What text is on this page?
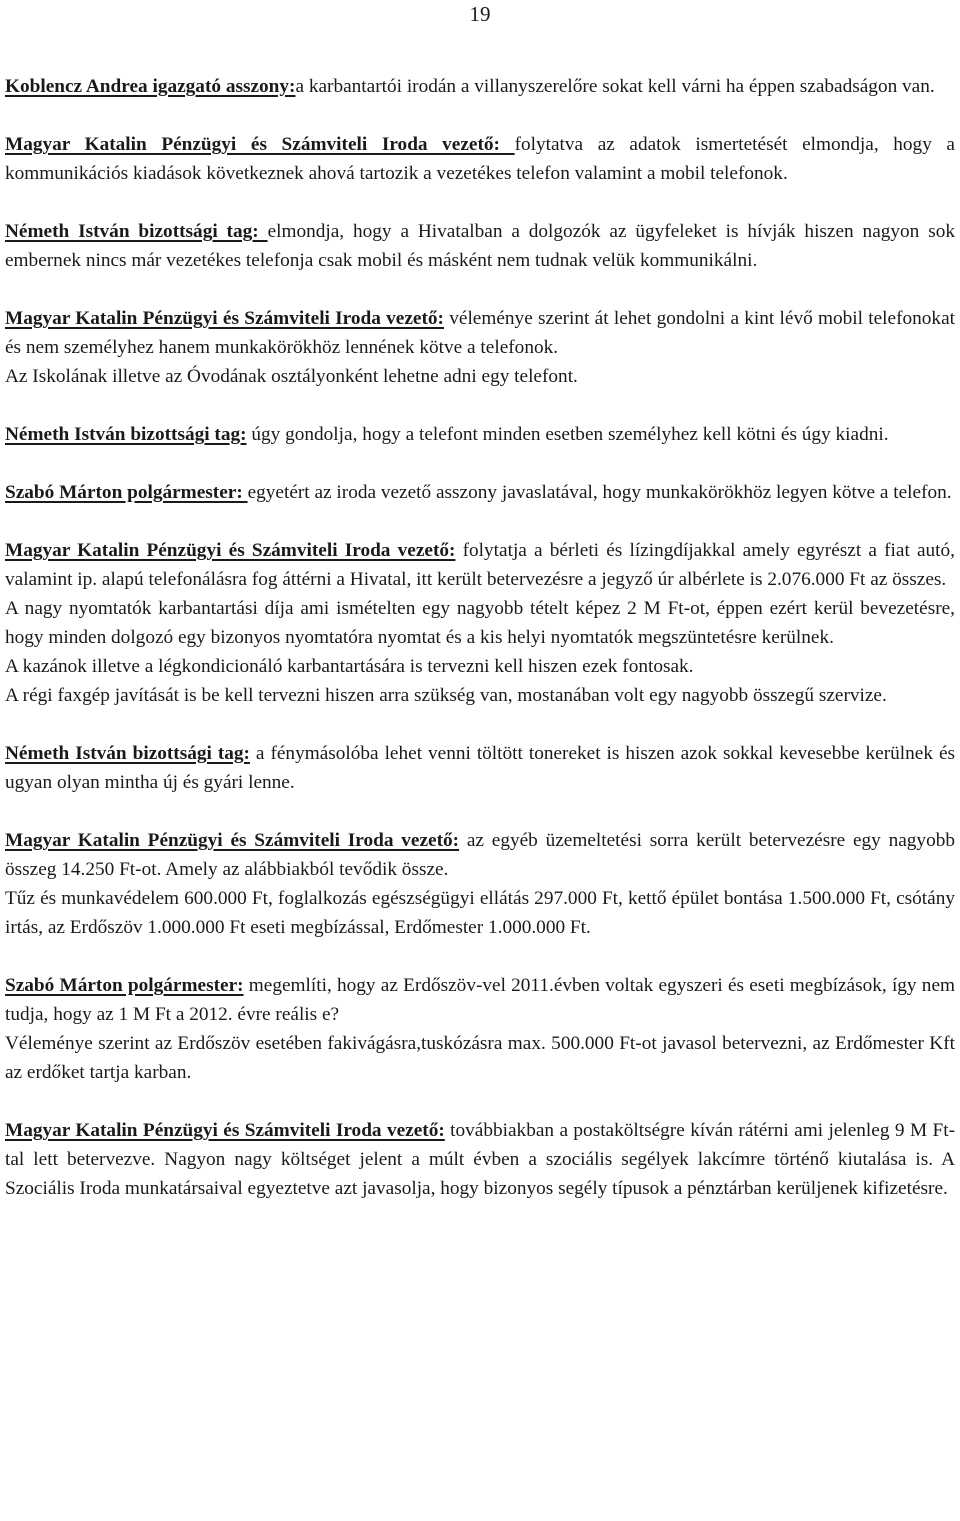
19

Koblencz Andrea igazgató asszony:a karbantartói irodán a villanyszerelőre sokat kell várni ha éppen szabadságon van.

Magyar Katalin Pénzügyi és Számviteli Iroda vezető: folytatva az adatok ismertetését elmondja, hogy a kommunikációs kiadások következnek ahová tartozik a vezetékes telefon valamint a mobil telefonok.

Németh István bizottsági tag: elmondja, hogy a Hivatalban a dolgozók az ügyfeleket is hívják hiszen nagyon sok embernek nincs már vezetékes telefonja csak mobil és másként nem tudnak velük kommunikálni.

Magyar Katalin Pénzügyi és Számviteli Iroda vezető: véleménye szerint át lehet gondolni a kint lévő mobil telefonokat és nem személyhez hanem munkakörökhöz lennének kötve a telefonok.

Az Iskolának illetve az Óvodának osztályonként lehetne adni egy telefont.

Németh István bizottsági tag: úgy gondolja, hogy a telefont minden esetben személyhez kell kötni és úgy kiadni.

Szabó Márton polgármester: egyetért az iroda vezető asszony javaslatával, hogy munkakörökhöz legyen kötve a telefon.

Magyar Katalin Pénzügyi és Számviteli Iroda vezető: folytatja a bérleti és lízingdíjakkal amely egyrészt a fiat autó, valamint ip. alapú telefonálásra fog áttérni a Hivatal, itt került betervezésre a jegyző úr albérlete is 2.076.000 Ft az összes.

A nagy nyomtatók karbantartási díja ami ismételten egy nagyobb tételt képez 2 M Ft-ot, éppen ezért kerül bevezetésre, hogy minden dolgozó egy bizonyos nyomtatóra nyomtat és a kis helyi nyomtatók megszüntetésre kerülnek.

A kazánok illetve a légkondicionáló karbantartására is tervezni kell hiszen ezek fontosak.

A régi faxgép javítását is be kell tervezni hiszen arra szükség van, mostanában volt egy nagyobb összegű szervize.

Németh István bizottsági tag: a fénymásolóba lehet venni töltött tonereket is hiszen azok sokkal kevesebbe kerülnek és ugyan olyan mintha új és gyári lenne.

Magyar Katalin Pénzügyi és Számviteli Iroda vezető: az egyéb üzemeltetési sorra került betervezésre egy nagyobb összeg 14.250 Ft-ot. Amely az alábbiakból tevődik össze.

Tűz és munkavédelem 600.000 Ft, foglalkozás egészségügyi ellátás 297.000 Ft, kettő épület bontása 1.500.000 Ft, csótány irtás, az Erdőszöv 1.000.000 Ft eseti megbízással, Erdőmester 1.000.000 Ft.

Szabó Márton polgármester: megemlíti, hogy az Erdőszöv-vel 2011.évben voltak egyszeri és eseti megbízások, így nem tudja, hogy az 1 M Ft a 2012. évre reális e?

Véleménye szerint az Erdőszöv esetében fakivágásra,tuskózásra max. 500.000 Ft-ot javasol betervezni, az Erdőmester Kft az erdőket tartja karban.

Magyar Katalin Pénzügyi és Számviteli Iroda vezető: továbbiakban a postaköltségre kíván rátérni ami jelenleg 9 M Ft-tal lett betervezve. Nagyon nagy költséget jelent a múlt évben a szociális segélyek lakcímre történő kiutalása is. A Szociális Iroda munkatársaival egyeztetve azt javasolja, hogy bizonyos segély típusok a pénztárban kerüljenek kifizetésre.
